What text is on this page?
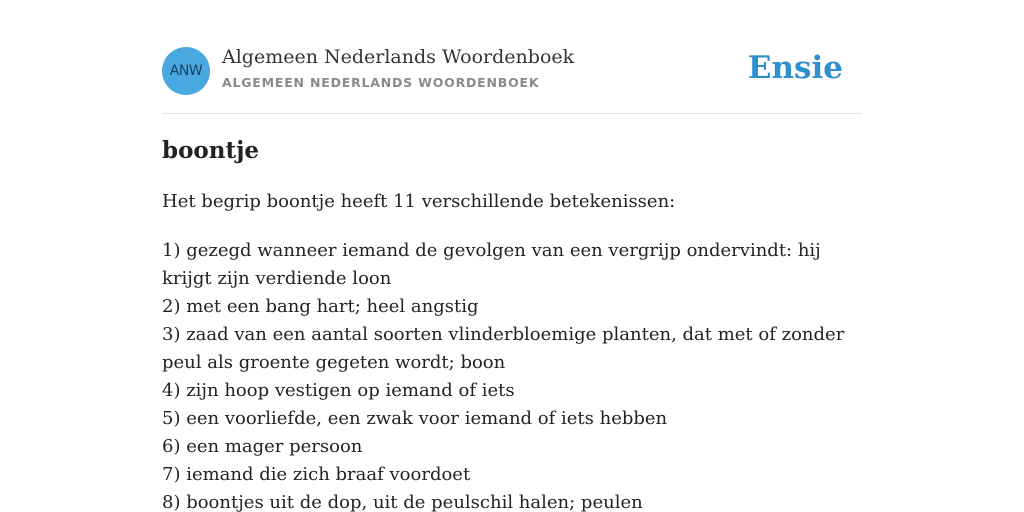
ANW
Algemeen Nederlands Woordenboek
ALGEMEEN NEDERLANDS WOORDENBOEK	Ensie
boontje

Het begrip boontje heeft 11 verschillende betekenissen:

1) gezegd wanneer iemand de gevolgen van een vergrijp ondervindt: hij krijgt zijn verdiende loon
2) met een bang hart; heel angstig
3) zaad van een aantal soorten vlinderbloemige planten, dat met of zonder peul als groente gegeten wordt; boon
4) zijn hoop vestigen op iemand of iets
5) een voorliefde, een zwak voor iemand of iets hebben
6) een mager persoon
7) iemand die zich braaf voordoet
8) boontjes uit de dop, uit de peulschil halen; peulen
